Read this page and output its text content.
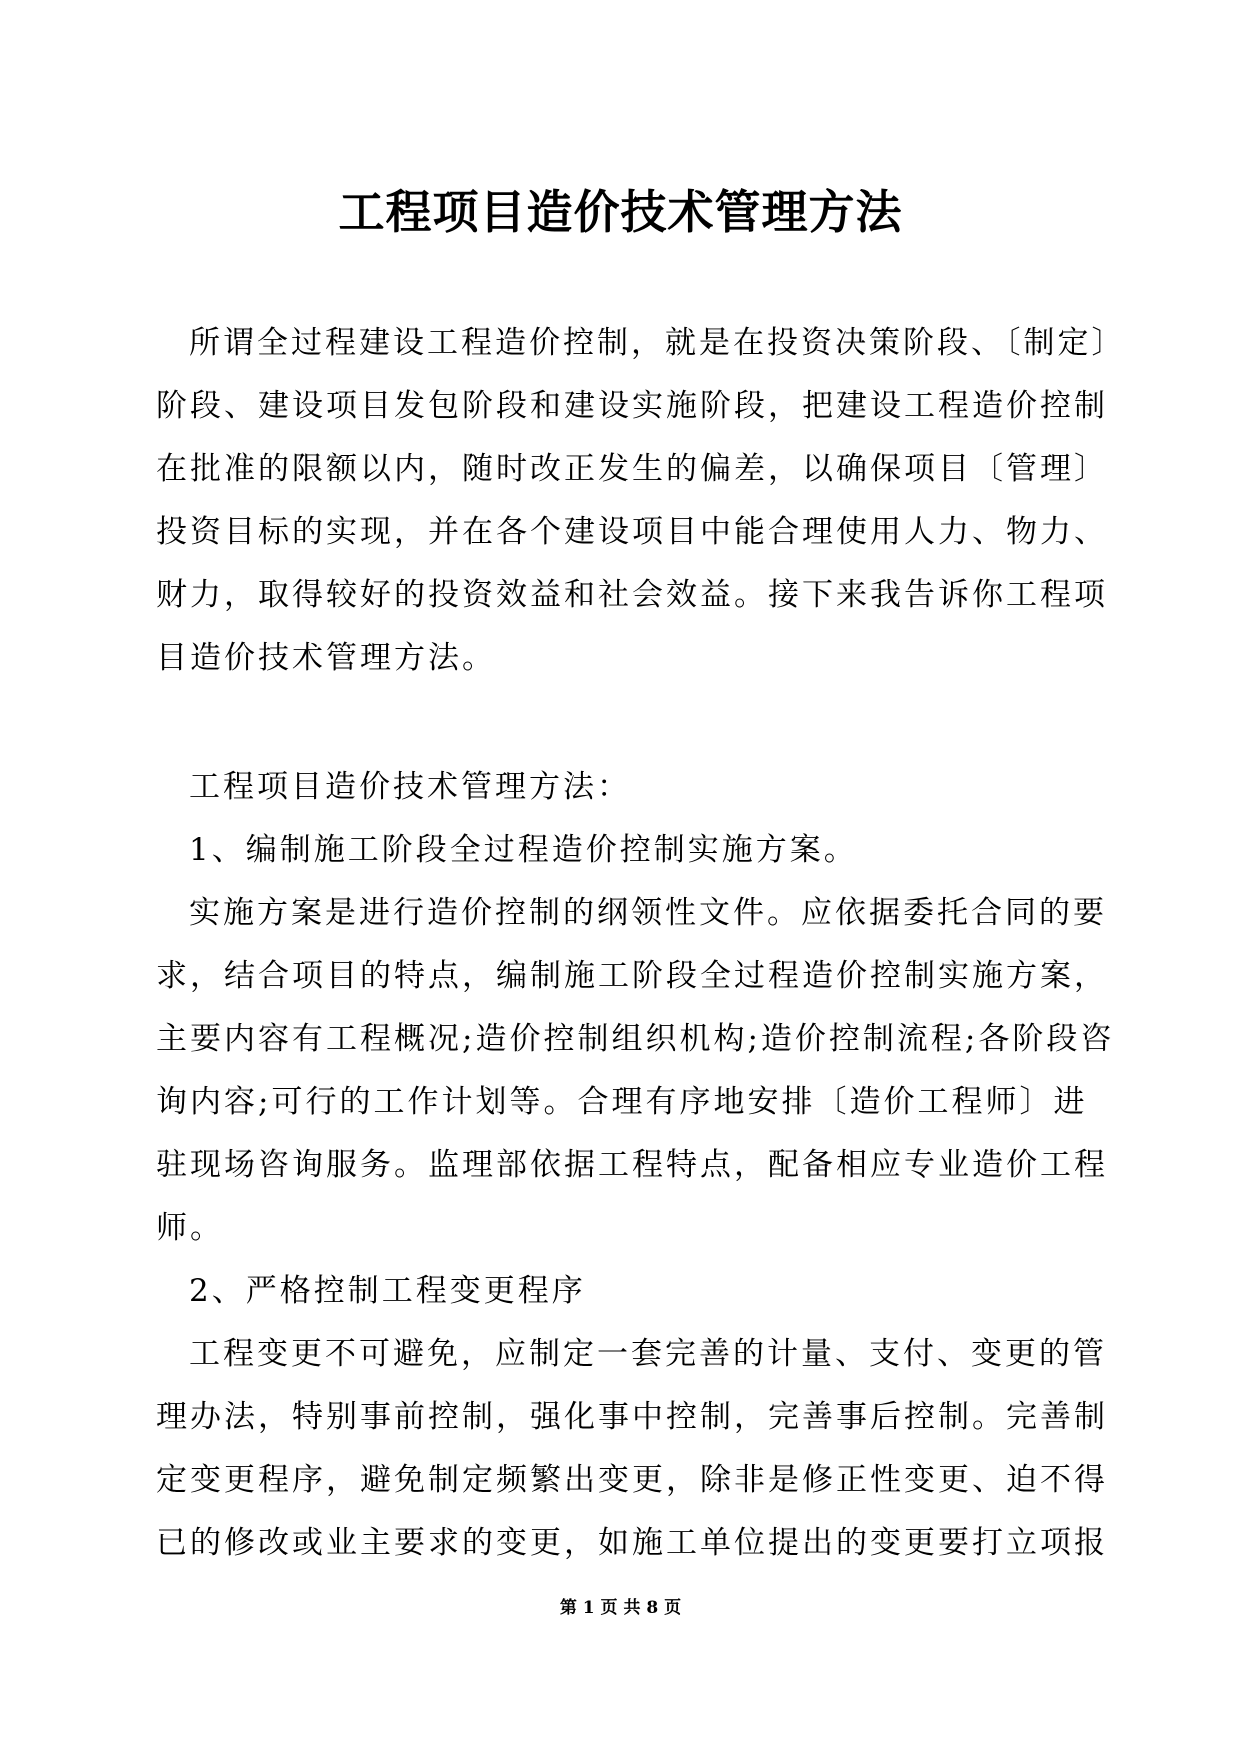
工程项目造价技术管理方法

所谓全过程建设工程造价控制，就是在投资决策阶段、〔制定〕阶段、建设项目发包阶段和建设实施阶段，把建设工程造价控制在批准的限额以内，随时改正发生的偏差，以确保项目〔管理〕投资目标的实现，并在各个建设项目中能合理使用人力、物力、财力，取得较好的投资效益和社会效益。接下来我告诉你工程项目造价技术管理方法。

工程项目造价技术管理方法：

1、编制施工阶段全过程造价控制实施方案。

实施方案是进行造价控制的纲领性文件。应依据委托合同的要求，结合项目的特点，编制施工阶段全过程造价控制实施方案，主要内容有工程概况;造价控制组织机构;造价控制流程;各阶段咨询内容;可行的工作计划等。合理有序地安排〔造价工程师〕进驻现场咨询服务。监理部依据工程特点，配备相应专业造价工程师。

2、严格控制工程变更程序

工程变更不可避免，应制定一套完善的计量、支付、变更的管理办法，特别事前控制，强化事中控制，完善事后控制。完善制定变更程序，避免制定频繁出变更，除非是修正性变更、迫不得已的修改或业主要求的变更，如施工单位提出的变更要打立项报

第 1 页 共 8 页
